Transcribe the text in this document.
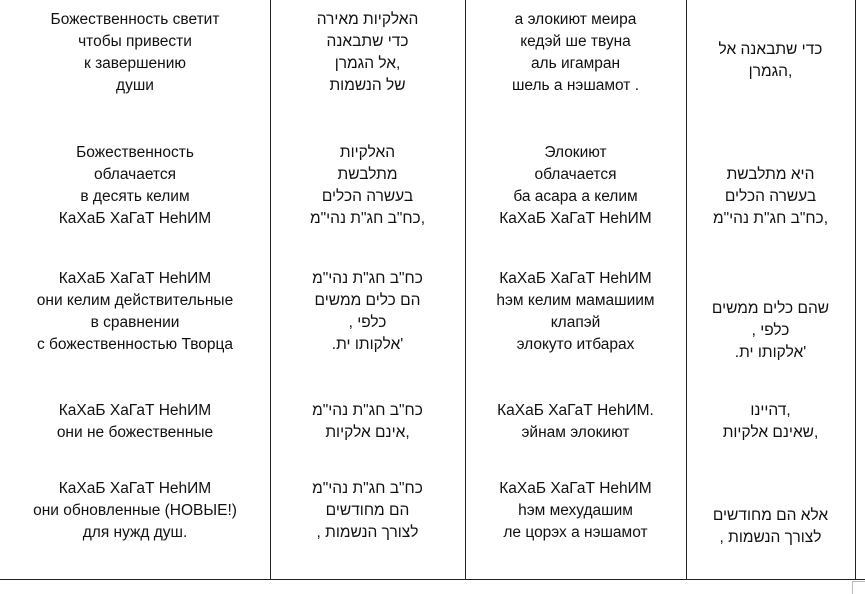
Божественность светит
чтобы привести
к завершению
души
האלקיות מאירה
כדי שתבאנה
,אל הגמרן
של הנשמות
а элокиют меира
кедэй ше твуна
аль игамран
шель а нэшамот .
כדי שתבאנה אל
,הגמרן
Божественность
облачается
в десять келим
КаХаБ ХаГаТ НеhИМ
האלקיות
מתלבשת
בעשרה הכלים
,כח"ב חג"ת נהי"מ
Элокиют
облачается
ба асара а келим
КаХаБ ХаГаТ НеhИМ
היא מתלבשת
בעשרה הכלים
,כח"ב חג"ת נהי"מ
КаХаБ ХаГаТ НеhИМ
они келим действительные
в сравнении
с божественностью Творца
כח"ב חג"ת נהי"מ
הם כלים ממשים
כלפי ,
'אלקותו ית.
КаХаБ ХаГаТ НеhИМ
hэм келим мамашиим
клапэй
элокуто итбарах
שהם כלים ממשים
כלפי ,
'אלקותו ית.
КаХаБ ХаГаТ НеhИМ
они не божественные
כח"ב חג"ת נהי"מ
,אינם אלקיות
КаХаБ ХаГаТ НеhИМ.
эйнам элокиют
,דהיינו
,שאינם אלקיות
КаХаБ ХаГаТ НеhИМ
они обновленные (НОВЫЕ!)
для нужд душ.
כח"ב חג"ת נהי"מ
הם מחודשים
לצורך הנשמות ,
КаХаБ ХаГаТ НеhИМ
hэм мехудашим
ле цорэх а нэшамот
אלא הם מחודשים
לצורך הנשמות ,
